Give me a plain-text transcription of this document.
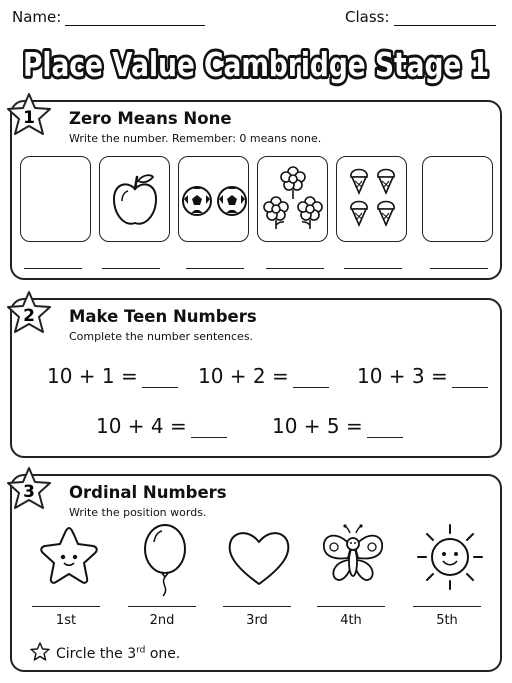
Name:	Class:
Place Value Cambridge Stage 1
1 Zero Means None
Write the number. Remember: 0 means none.
2 Make Teen Numbers
Complete the number sentences.
10 + 1 =	10 + 2 =	10 + 3 =
10 + 4 =	10 + 5 =
3 Ordinal Numbers
Write the position words.
1st	2nd	3rd	4th	5th
Circle the 3rd one.
